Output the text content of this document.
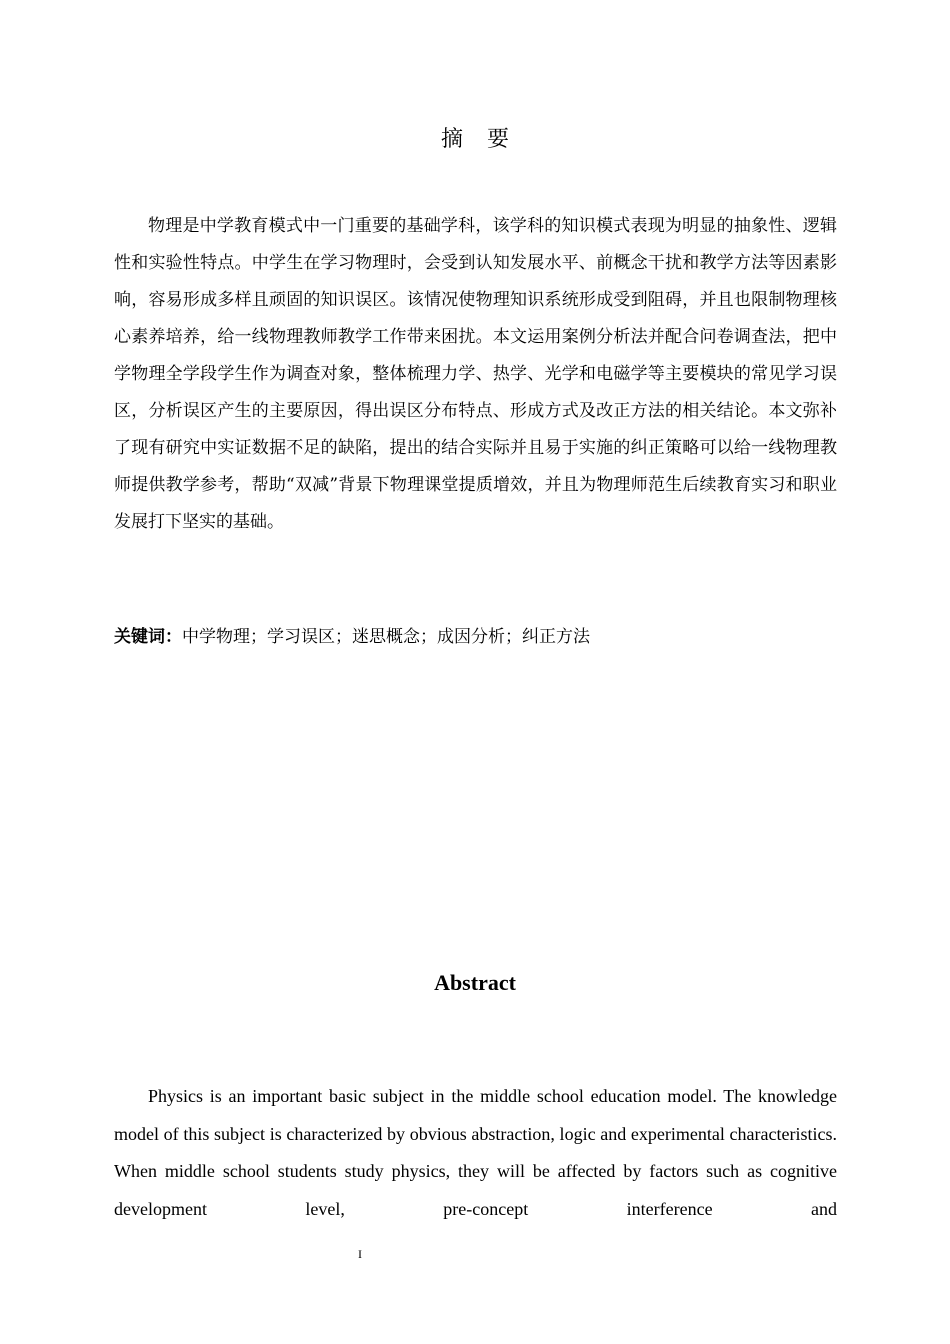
摘要

物理是中学教育模式中一门重要的基础学科，该学科的知识模式表现为明显的抽象性、逻辑性和实验性特点。中学生在学习物理时，会受到认知发展水平、前概念干扰和教学方法等因素影响，容易形成多样且顽固的知识误区。该情况使物理知识系统形成受到阻碍，并且也限制物理核心素养培养，给一线物理教师教学工作带来困扰。本文运用案例分析法并配合问卷调查法，把中学物理全学段学生作为调查对象，整体梳理力学、热学、光学和电磁学等主要模块的常见学习误区，分析误区产生的主要原因，得出误区分布特点、形成方式及改正方法的相关结论。本文弥补了现有研究中实证数据不足的缺陷，提出的结合实际并且易于实施的纠正策略可以给一线物理教师提供教学参考，帮助“双减”背景下物理课堂提质增效，并且为物理师范生后续教育实习和职业发展打下坚实的基础。

关键词：中学物理；学习误区；迷思概念；成因分析；纠正方法
Abstract

Physics is an important basic subject in the middle school education model. The knowledge model of this subject is characterized by obvious abstraction, logic and experimental characteristics. When middle school students study physics, they will be affected by factors such as cognitive development level, pre-concept interference and

I
